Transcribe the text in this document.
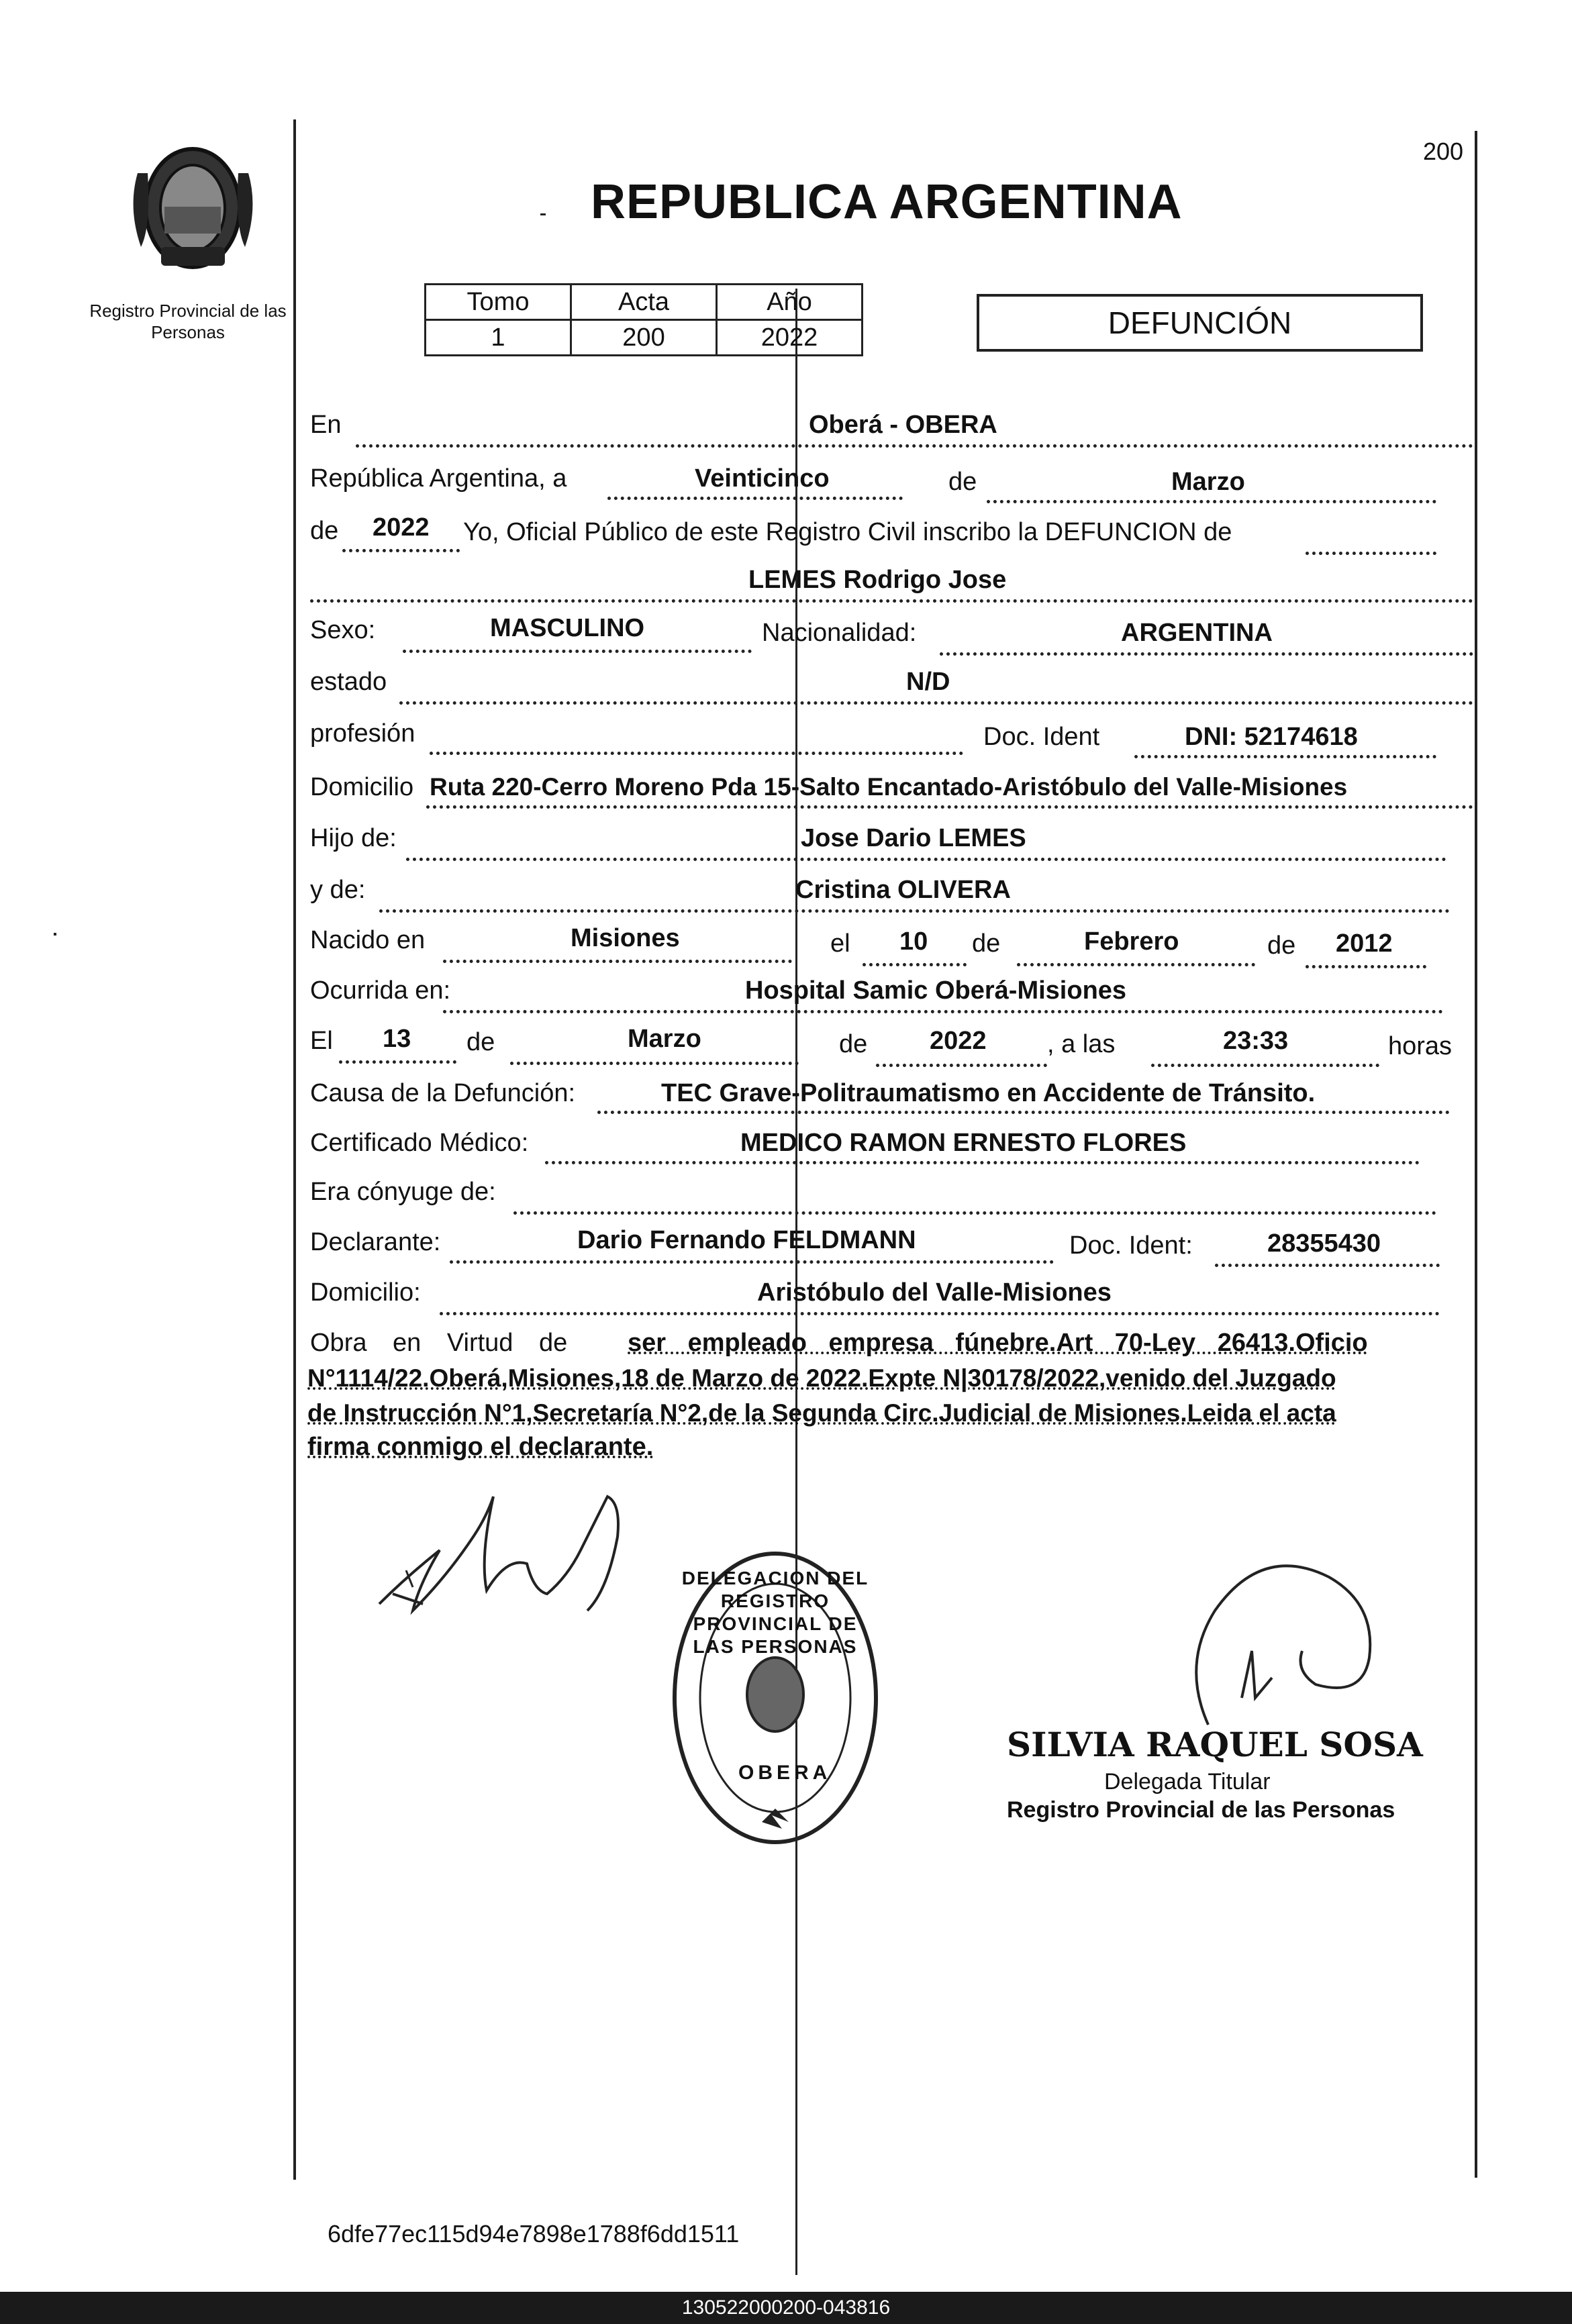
Registro Provincial de las Personas
200
REPUBLICA ARGENTINA
Tomo	Acta	Año
1	200	2022	DEFUNCIÓN
En	Oberá - OBERA
República Argentina, a	Veinticinco	de	Marzo
de 2022 Yo, Oficial Público de este Registro Civil inscribo la DEFUNCION de
LEMES Rodrigo Jose
Sexo:	MASCULINO	Nacionalidad:	ARGENTINA
estado	N/D
profesión	Doc. Ident	DNI: 52174618
Domicilio Ruta 220-Cerro Moreno Pda 15-Salto Encantado-Aristóbulo del Valle-Misiones
Hijo de:	Jose Dario LEMES
y de:	Cristina OLIVERA
Nacido en	Misiones	el 10 de	Febrero	de 2012
Ocurrida en:	Hospital Samic Oberá-Misiones
El 13 de	Marzo	de 2022 , a las	23:33	horas
Causa de la Defunción:	TEC Grave-Politraumatismo en Accidente de Tránsito.
Certificado Médico:	MEDICO RAMON ERNESTO FLORES
Era cónyuge de:
Declarante:	Dario Fernando FELDMANN	Doc. Ident:	28355430
Domicilio:	Aristóbulo del Valle-Misiones
Obra en Virtud de ser empleado empresa fúnebre.Art 70-Ley 26413.Oficio
N°1114/22.Oberá,Misiones,18 de Marzo de 2022.Expte N|30178/2022,venido del Juzgado
de Instrucción N°1,Secretaría N°2,de la Segunda Circ.Judicial de Misiones.Leida el acta
firma conmigo el declarante.
DELEGACION DEL REGISTRO PROVINCIAL DE LAS PERSONAS
OBERA
SILVIA RAQUEL SOSA
Delegada Titular
Registro Provincial de las Personas
6dfe77ec115d94e7898e1788f6dd1511
130522000200-043816
